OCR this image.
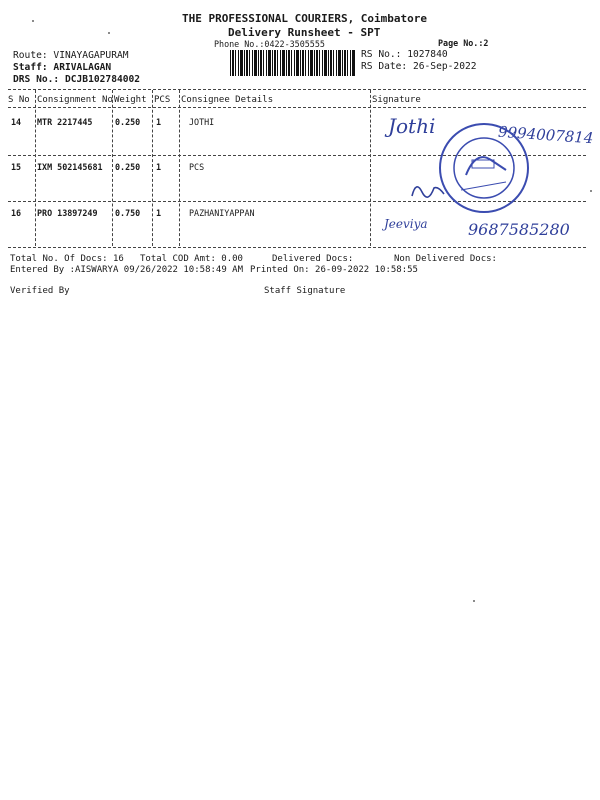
THE PROFESSIONAL COURIERS, Coimbatore
Delivery Runsheet - SPT
Phone No.:0422-3505555	Page No.:2
Route: VINAYAGAPURAM
Staff: ARIVALAGAN
DRS No.: DCJB102784002
RS No.: 1027840
RS Date: 26-Sep-2022
S No Consignment No Weight PCS Consignee Details	Signature
14 MTR 2217445	0.250 1	JOTHI
15 IXM 502145681 0.250 1	PCS
16 PRO 13897249 0.750 1	PAZHANIYAPPAN
Jothi	9994007814
Jeeviya	9687585280
Total No. Of Docs: 16 Total COD Amt: 0.00	Delivered Docs:	Non Delivered Docs:
Entered By :AISWARYA 09/26/2022 10:58:49 AM Printed On: 26-09-2022 10:58:55
Verified By	Staff Signature
